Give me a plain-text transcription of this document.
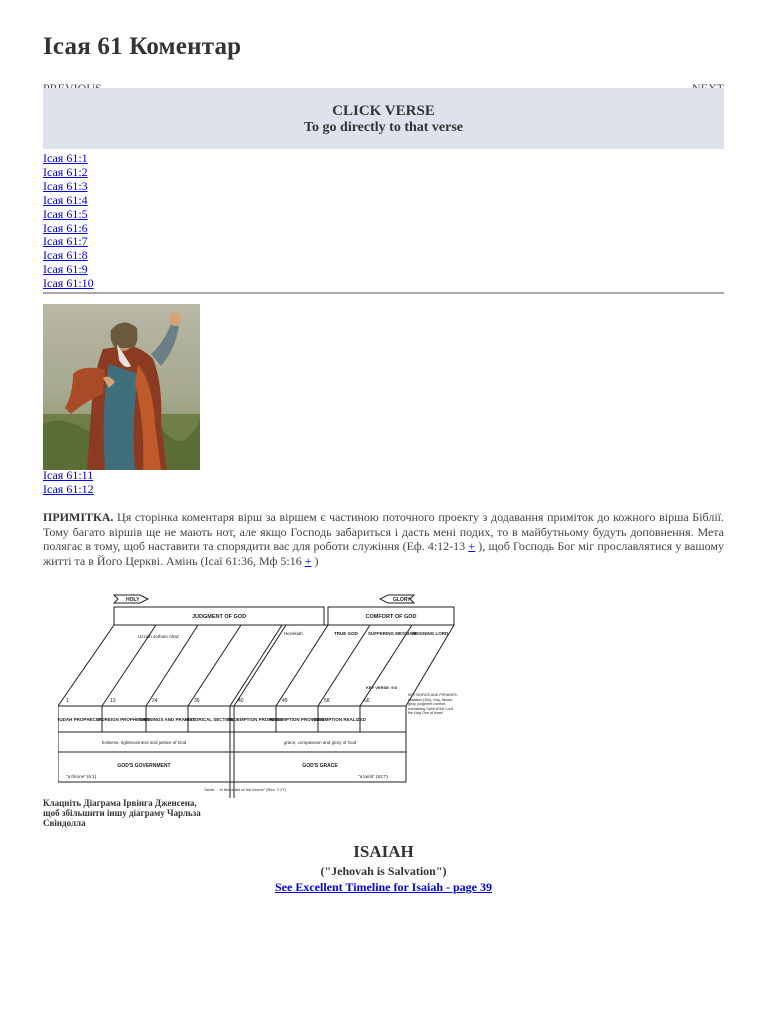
Ісая 61 Коментар
CLICK VERSE
To go directly to that verse
Ісая 61:1
Ісая 61:2
Ісая 61:3
Ісая 61:4
Ісая 61:5
Ісая 61:6
Ісая 61:7
Ісая 61:8
Ісая 61:9
Ісая 61:10
Ісая 61:11
Ісая 61:12
ПРИМІТКА. Ця сторінка коментаря вірш за віршем є частиною поточного проекту з додавання приміток до кожного вірша Біблії. Тому багато віршів ще не мають нот, але якщо Господь забариться і дасть мені подих, то в майбутньому будуть доповнення. Мета полягає в тому, щоб наставити та спорядити вас для роботи служіння (Еф. 4:12-13 + ), щоб Господь Бог міг прославлятися у вашому житті та в Його Церкві. Амінь (Ісаї 61:36, Мф 5:16 + )
HOLY	GLORY
JUDGMENT OF GOD	COMFORT OF GOD
Uzziah Jotham Ahaz
Hezekiah	TRUE GOD SUFFERING MESSIAH
REIGNING LORD
1	13	24	36	40	49	58	66
JUDAH PROPHECIES
FOREIGN PROPHECIES
WARNINGS AND PRAISES
HISTORICAL SECTION
REDEMPTION PROMISED
REDEMPTION PROVIDED
REDEMPTION REALIZED
KEY VERSE: 9:6
KEY WORDS AND PHRASES: salvation (26x), holy, throne, glory, judgment comfort, everlasting Spirit of the Lord, the Holy One of Israel
holiness, righteousness and justice of God	grace, compassion and glory of God
GOD'S GOVERNMENT	GOD'S GRACE
"a throne" (6:1)	"a lamb" (53:7)
"lamb ... in the midst of the throne" (Rev. 7:17)
Клацніть Діаграма Ірвінга Дженсена, щоб збільшити іншу діаграму Чарльза Свіндолла
ISAIAH
("Jehovah is Salvation")
See Excellent Timeline for Isaiah - page 39
